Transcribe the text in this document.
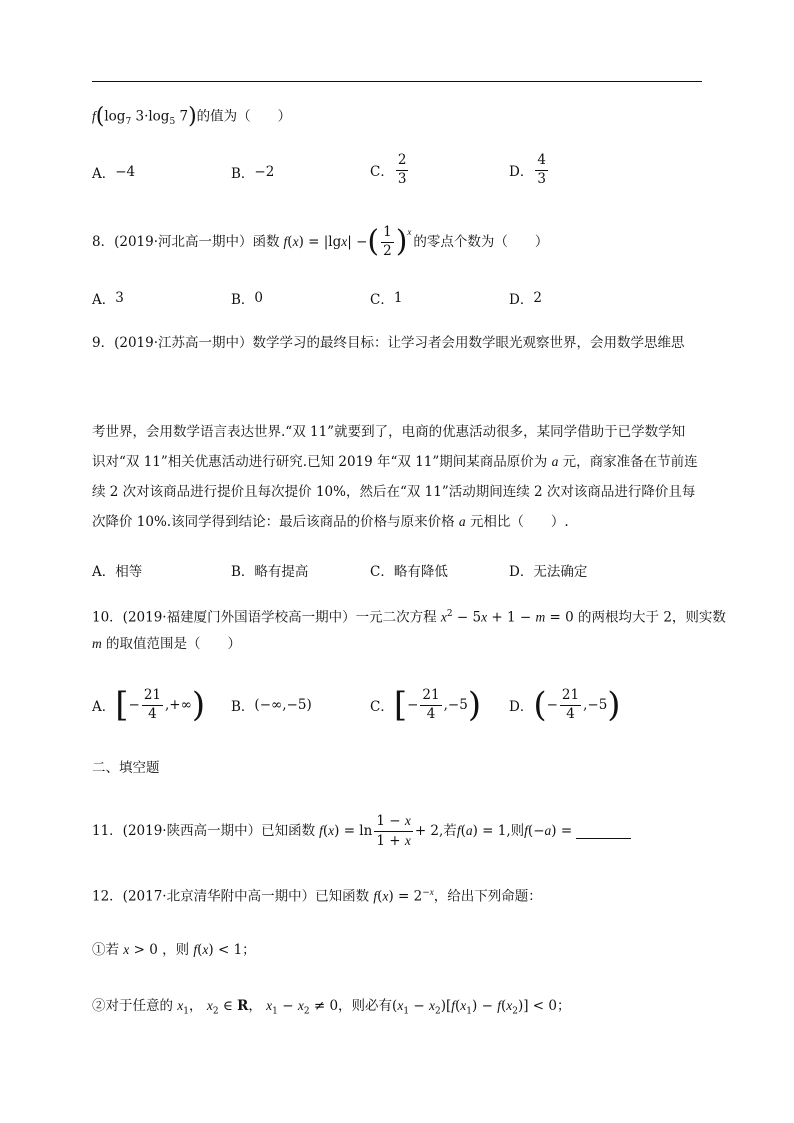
$f(\log_7$ $3\cdot\log_5$ 7)的值为（　　）
A． −4	B． −2	C． $\frac{2}{3}$	D． $\frac{4}{3}$
8．(2019·河北高一期中）函数 f ( x ) = |lg x | − ( $\frac{1}{2} )^x$
的零点个数为（　　）
A． 3	B． 0	C． 1	D． 2
9．(2019·江苏高一期中）数学学习的最终目标：让学习者会用数学眼光观察世界，会用数学思维思
考世界，会用数学语言表达世界.“双 11”就要到了，电商的优惠活动很多，某同学借助于已学数学知
识对“双 11”相关优惠活动进行研究.已知 2019 年“双 11”期间某商品原价为 a 元，商家准备在节前连
续 2 次对该商品进行提价且每次提价 10%，然后在“双 11”活动期间连续 2 次对该商品进行降价且每
次降价 10%.该同学得到结论：最后该商品的价格与原来价格 a 元相比（　　）.
A． 相等	B． 略有提高	C． 略有降低	D． 无法确定
10．(2019·福建厦门外国语学校高一期中）一元二次方程 $x^2 - 5x + 1 - m = 0$ 的两根均大于 2，则实数
m 的取值范围是（　　）
A． [ − $\frac{21}{4}$ ,+∞ ) B． (−∞,−5)	C． [ − $\frac{21}{4} ,-5$ ) D． ( − $\frac{21}{4} ,-5$ )
二、填空题
11．(2019·陕西高一期中）已知函数 f ( x ) = $\ln \frac{1 - x}{1 + x} + 2$ ,若 f ( a ) = 1 ,则 f (− a ) =
12．(2017·北京清华附中高一期中）已知函数 $f(x) = 2^{-x}$，给出下列命题：
①若 x > 0 ，则 f(x) < 1；
②对于任意的 $x_1$， $x_2$ ∈ R， $x_1 - x_2 \ne 0$，则必有$(x_1 - x_2)[f(x_1) - f(x_2)] < 0$；
